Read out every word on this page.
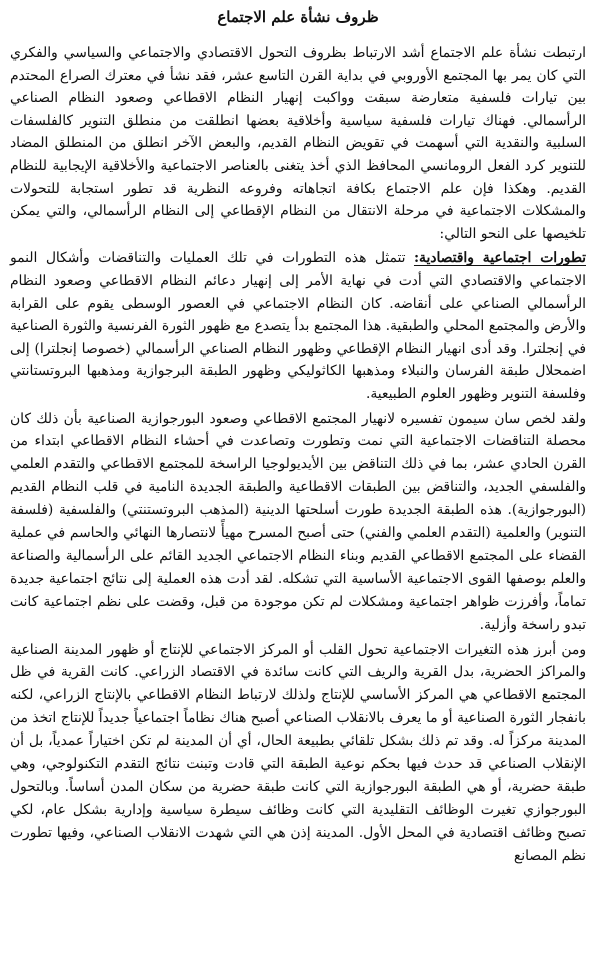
ظروف نشأة علم الاجتماع

ارتبطت نشأة علم الاجتماع أشد الارتباط بظروف التحول الاقتصادي والاجتماعي والسياسي والفكري التي كان يمر بها المجتمع الأوروبي في بداية القرن التاسع عشر، فقد نشأ في معترك الصراع المحتدم بين تيارات فلسفية متعارضة سبقت وواكبت إنهيار النظام الاقطاعي وصعود النظام الصناعي الرأسمالي. فهناك تيارات فلسفية سياسية وأخلاقية بعضها انطلقت من منطلق التنوير كالفلسفات السلبية والنقدية التي أسهمت في تقويض النظام القديم، والبعض الآخر انطلق من المنطلق المضاد للتنوير كرد الفعل الرومانسي المحافظ الذي أخذ يتغنى بالعناصر الاجتماعية والأخلاقية الإيجابية للنظام القديم. وهكذا فإن علم الاجتماع بكافة اتجاهاته وفروعه النظرية قد تطور استجابة للتحولات والمشكلات الاجتماعية في مرحلة الانتقال من النظام الإقطاعي إلى النظام الرأسمالي، والتي يمكن تلخيصها على النحو التالي:

تطورات اجتماعية واقتصادية: تتمثل هذه التطورات في تلك العمليات والتناقضات وأشكال النمو الاجتماعي والاقتصادي التي أدت في نهاية الأمر إلى إنهيار دعائم النظام الاقطاعي وصعود النظام الرأسمالي الصناعي على أنقاضه. كان النظام الاجتماعي في العصور الوسطى يقوم على القرابة والأرض والمجتمع المحلي والطبقية. هذا المجتمع بدأ يتصدع مع ظهور الثورة الفرنسية والثورة الصناعية في إنجلترا. وقد أدى انهيار النظام الإقطاعي وظهور النظام الصناعي الرأسمالي (خصوصا إنجلترا) إلى اضمحلال طبقة الفرسان والنبلاء ومذهبها الكاثوليكي وظهور الطبقة البرجوازية ومذهبها البروتستانتي وفلسفة التنوير وظهور العلوم الطبيعية.

ولقد لخص سان سيمون تفسيره لانهيار المجتمع الاقطاعي وصعود البورجوازية الصناعية بأن ذلك كان محصلة التناقضات الاجتماعية التي نمت وتطورت وتصاعدت في أحشاء النظام الاقطاعي ابتداء من القرن الحادي عشر، بما في ذلك التناقض بين الأيديولوجيا الراسخة للمجتمع الاقطاعي والتقدم العلمي والفلسفي الجديد، والتناقض بين الطبقات الاقطاعية والطبقة الجديدة النامية في قلب النظام القديم (البورجوازية). هذه الطبقة الجديدة طورت أسلحتها الدينية (المذهب البروتستنتي) والفلسفية (فلسفة التنوير) والعلمية (التقدم العلمي والفني) حتى أصبح المسرح مهيأً لانتصارها النهائي والحاسم في عملية القضاء على المجتمع الاقطاعي القديم وبناء النظام الاجتماعي الجديد القائم على الرأسمالية والصناعة والعلم بوصفها القوى الاجتماعية الأساسية التي تشكله. لقد أدت هذه العملية إلى نتائج اجتماعية جديدة تماماً، وأفرزت ظواهر اجتماعية ومشكلات لم تكن موجودة من قبل، وقضت على نظم اجتماعية كانت تبدو راسخة وأزلية.

ومن أبرز هذه التغيرات الاجتماعية تحول القلب أو المركز الاجتماعي للإنتاج أو ظهور المدينة الصناعية والمراكز الحضرية، بدل القرية والريف التي كانت سائدة في الاقتصاد الزراعي. كانت القرية في ظل المجتمع الاقطاعي هي المركز الأساسي للإنتاج ولذلك لارتباط النظام الاقطاعي بالإنتاج الزراعي، لكنه بانفجار الثورة الصناعية أو ما يعرف بالانقلاب الصناعي أصبح هناك نظاماً اجتماعياً جديداً للإنتاج اتخذ من المدينة مركزاً له. وقد تم ذلك بشكل تلقائي بطبيعة الحال، أي أن المدينة لم تكن اختياراً عمدياً، بل أن الإنقلاب الصناعي قد حدث فيها بحكم نوعية الطبقة التي قادت وتبنت نتائج التقدم التكنولوجي، وهي طبقة حضرية، أو هي الطبقة البورجوازية التي كانت طبقة حضرية من سكان المدن أساساً. وبالتحول البورجوازي تغيرت الوظائف التقليدية التي كانت وظائف سيطرة سياسية وإدارية بشكل عام، لكي تصبح وظائف اقتصادية في المحل الأول. المدينة إذن هي التي شهدت الانقلاب الصناعي، وفيها تطورت نظم المصانع
